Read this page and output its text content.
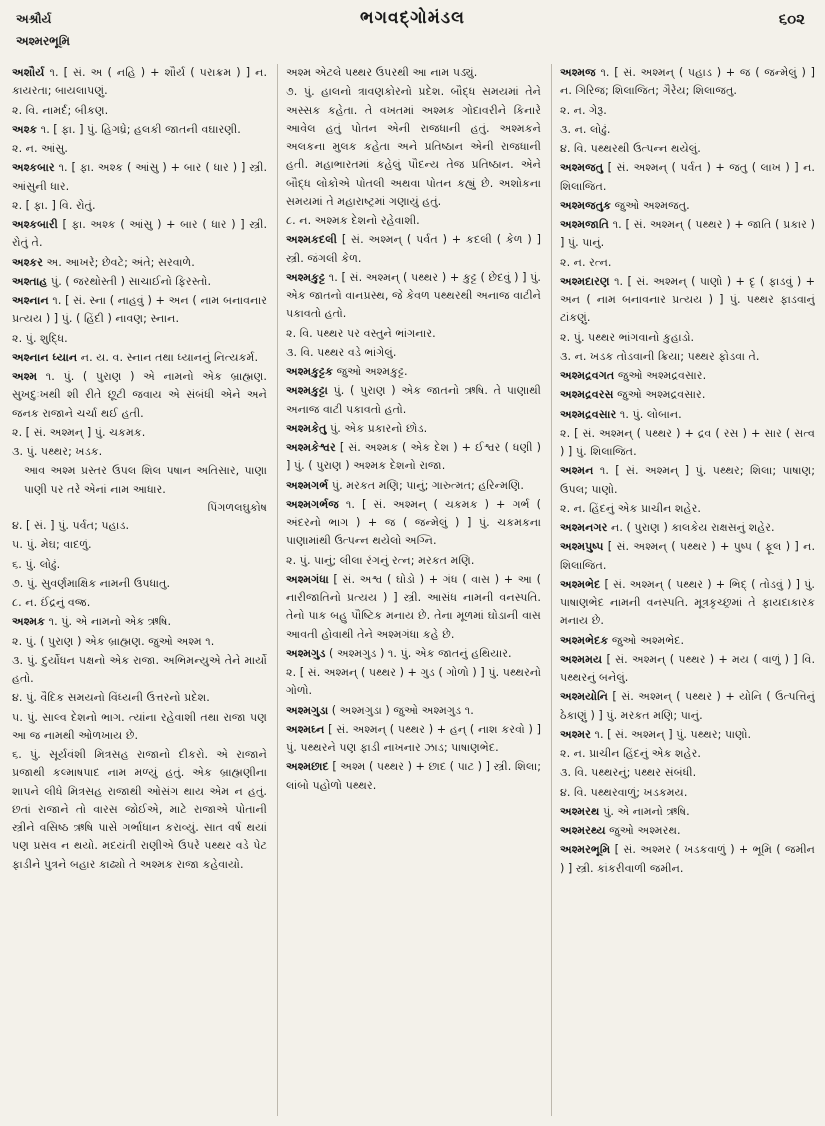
અશ્રૌર્ય
અશ્મરભૂમિ
ભગવદ્ગોમંડલ	૬૦૨

અશૌર્ય ૧. [ સં. અ ( નહિ ) + શૌર્ય ( પરાક્રમ ) ] ન. કાયરતા; બાયલાપણું.

૨. વિ. નામર્દ; બીકણ.

અશ્ક ૧. [ ફા. ] પું. હિગધ્રે; હલકી જાતની વઘારણી.

૨. ન. આંસુ.

અશ્કબાર ૧. [ ફા. અશ્ક ( આંસુ ) + બાર ( ધાર ) ] સ્ત્રી. આંસુની ધાર.

૨. [ ફા. ] વિ. રોતું.

અશ્કબારી [ ફા. અશ્ક ( આંસુ ) + બાર ( ધાર ) ] સ્ત્રી. રોતું તે.

અશ્કર અ. આખરે; છેવટે; અંતે; સરવાળે.

અશ્તાહ પું. ( જરથોસ્તી ) સાચાઈનો ફિરસ્તો.

અશ્નાન ૧. [ સં. સ્ના ( નાહવું ) + અન ( નામ બનાવનાર પ્રત્યય ) ] પું. ( હિંદી ) નાવણ; સ્નાન.

૨. પું. શુદ્ધિ.

અશ્નાન ધ્યાન ન. ય. વ. સ્નાન તથા ધ્યાનનું નિત્યકર્મ.

અશ્મ ૧. પું. ( પુરાણ ) એ નામનો એક બ્રાહ્મણ. સુખદુઃખથી શી રીતે છૂટી જવાય એ સંબંધી એને અને જનક રાજાને ચર્ચા થઈ હતી.

૨. [ સં. અશ્મન્ ] પું. ચકમક.

૩. પું. પથ્થર; ખડક.

આવ અશ્મ પ્રસ્તર ઉપલ શિલ પષાન અતિસાર, પાણા પાણી પર તરે એનાં નામ આધાર.

પિંગળલઘુકોષ

૪. [ સં. ] પું. પર્વત; પહાડ.

૫. પું. મેઘ; વાદળું.

૬. પું. લોઢું.

૭. પું. સુવર્ણમાક્ષિક નામની ઉપધાતુ.

૮. ન. ઈંદ્રનું વજ્ર.

અશ્મક ૧. પું. એ નામનો એક ઋષિ.

૨. પું. ( પુરાણ ) એક બ્રાહ્મણ. જુઓ અશ્મ ૧.

૩. પું. દુર્યોધન પક્ષનો એક રાજા. અભિમન્યુએ તેને માર્યો હતો.

૪. પું. વૈદિક સમયનો વિંધ્યની ઉત્તરનો પ્રદેશ.

૫. પું. સાલ્વ દેશનો ભાગ. ત્યાંના રહેવાશી તથા રાજા પણ આ જ નામથી ઓળખાય છે.

૬. પું. સૂર્યવંશી મિત્રસહ રાજાનો દીકરો. એ રાજાને પ્રજાથી કલ્માષપાદ નામ મળ્યું હતું. એક બ્રાહ્મણીના શાપને લીધે મિત્રસહ રાજાથી ઓસંગ થાય એમ ન હતું. છતાં રાજાને તો વારસ જોઈએ, માટે રાજાએ પોતાની સ્ત્રીને વસિષ્ઠ ઋષિ પાસે ગર્ભાધાન કરાવ્યું. સાત વર્ષ થયાં પણ પ્રસવ ન થયો. મદયંતી રાણીએ ઉપરે પથ્થર વડે પેટ ફાડીને પુત્રને બહાર કાઢ્યો તે અશ્મક રાજા કહેવાયો.

અશ્મ એટલે પથ્થર ઉપરથી આ નામ પડ્યું.

૭. પું. હાલનો ત્રાવણકોરનો પ્રદેશ. બૌદ્ધ સમયમાં તેને અસ્સક કહેતા. તે વખતમાં અશ્મક ગોદાવરીને કિનારે આવેલ હતું પોતન એની રાજધાની હતું. અશ્મકને અલકના મુલક કહેતા અને પ્રતિષ્ઠાન એની રાજધાની હતી. મહાભારતમાં કહેલું પૌદન્ય તેજ પ્રતિષ્ઠાન. એને બૌદ્ધ લોકોએ પોતલી અથવા પોતન કહ્યું છે. અશોકના સમયમાં તે મહારાષ્ટ્રમાં ગણાયું હતું.

૮. ન. અશ્મક દેશનો રહેવાશી.

અશ્મકદલી [ સં. અશ્મન્ ( પર્વત ) + કદલી ( કેળ ) ] સ્ત્રી. જંગલી કેળ.

અશ્મકુટ્ટ ૧. [ સં. અશ્મન્ ( પથ્થર ) + કુટ્ટ ( છેદવું ) ] પું. એક જાતનો વાનપ્રસ્થ, જે કેવળ પથ્થરથી અનાજ વાટીને પકાવતો હતો.

૨. વિ. પથ્થર પર વસ્તુને ભાંગનાર.

૩. વિ. પથ્થર વડે ભાંગેલું.

અશ્મકુટ્ટક જુઓ અશ્મકુટ્ટ.

અશ્મકુટ્ટા પું. ( પુરાણ ) એક જાતનો ઋષિ. તે પાણાથી અનાજ વાટી પકાવતો હતો.

અશ્મકેતુ પું. એક પ્રકારનો છોડ.

અશ્મકેશ્વર [ સં. અશ્મક ( એક દેશ ) + ઈશ્વર ( ધણી ) ] પું. ( પુરાણ ) અશ્મક દેશનો રાજા.

અશ્મગર્ભ પું. મરકત મણિ; પાનું; ગારુત્મત; હરિન્મણિ.

અશ્મગર્ભજ ૧. [ સં. અશ્મન્ ( ચકમક ) + ગર્ભ ( અંદરનો ભાગ ) + જ ( જન્મેલું ) ] પું. ચકમકના પાણામાંથી ઉત્પન્ન થયેલો અગ્નિ.

૨. પું. પાનું; લીલા રંગનું રત્ન; મરકત મણિ.

અશ્મગંધા [ સં. અશ્વ ( ઘોડો ) + ગંધ ( વાસ ) + આ ( નારીજાતિનો પ્રત્યય ) ] સ્ત્રી. આસંધ નામની વનસ્પતિ. તેનો પાક બહુ પૌષ્ટિક મનાય છે. તેના મૂળમાં ઘોડાની વાસ આવતી હોવાથી તેને અશ્મગંધા કહે છે.

અશ્મગુડ ( અશ્મગુડ ) ૧. પું. એક જાતનું હથિયાર.

૨. [ સં. અશ્મન્ ( પથ્થર ) + ગુડ ( ગોળો ) ] પું. પથ્થરનો ગોળો.

અશ્મગુડા ( અશ્મગુડા ) જુઓ અશ્મગુડ ૧.

અશ્મઘ્ન [ સં. અશ્મન્ ( પથ્થર ) + હન્ ( નાશ કરવો ) ] પું. પથ્થરને પણ ફાડી નાખનાર ઝાડ; પાષાણભેદ.

અશ્મછાદ [ અશ્મ ( પથ્થર ) + છાદ ( પાટ ) ] સ્ત્રી. શિલા; લાંબો પહોળો પથ્થર.

અશ્મજ ૧. [ સં. અશ્મન્ ( પહાડ ) + જ ( જન્મેલું ) ] ન. ગિરિજ; શિલાજિત; ગૈરેય; શિલાજતુ.

૨. ન. ગેરૂ.

૩. ન. લોઢું.

૪. વિ. પથ્થરથી ઉત્પન્ન થયેલું.

અશ્મજતુ [ સં. અશ્મન્ ( પર્વત ) + જતુ ( લાખ ) ] ન. શિલાજિત.

અશ્મજતુક જુઓ અશ્મજતુ.

અશ્મજાતિ ૧. [ સં. અશ્મન્ ( પથ્થર ) + જાતિ ( પ્રકાર ) ] પું. પાનું.

૨. ન. રત્ન.

અશ્મદારણ ૧. [ સં. અશ્મન્ ( પાણો ) + દૃ ( ફાડવું ) + અન ( નામ બનાવનાર પ્રત્યય ) ] પું. પથ્થર ફાડવાનું ટાંકણું.

૨. પું. પથ્થર ભાંગવાનો કુહાડો.

૩. ન. ખડક તોડવાની ક્રિયા; પથ્થર ફોડવા તે.

અશ્મદ્રવગત જુઓ અશ્મદ્રવસાર.

અશ્મદ્રવરસ જુઓ અશ્મદ્રવસાર.

અશ્મદ્રવસાર ૧. પું. લોબાન.

૨. [ સં. અશ્મન્ ( પથ્થર ) + દ્રવ ( રસ ) + સાર ( સત્વ ) ] પું. શિલાજિત.

અશ્મન ૧. [ સં. અશ્મન્ ] પું. પથ્થર; શિલા; પાષાણ; ઉપલ; પાણો.

૨. ન. હિંદનું એક પ્રાચીન શહેર.

અશ્મનગર ન. ( પુરાણ ) કાલકેય રાક્ષસનું શહેર.

અશ્મપુષ્પ [ સં. અશ્મન્ ( પથ્થર ) + પુષ્પ ( ફૂલ ) ] ન. શિલાજિત.

અશ્મભેદ [ સં. અશ્મન્ ( પથ્થર ) + ભિદ્ ( તોડવું ) ] પું. પાષાણભેદ નામની વનસ્પતિ. મૂત્રકૃચ્છ્રમાં તે ફાયદાકારક મનાય છે.

અશ્મભેદક જુઓ અશ્મભેદ.

અશ્મમય [ સં. અશ્મન્ ( પથ્થર ) + મય ( વાળું ) ] વિ. પથ્થરનું બનેલું.

અશ્મયોનિ [ સં. અશ્મન્ ( પથ્થર ) + યોનિ ( ઉત્પત્તિનું ઠેકાણું ) ] પું. મરકત મણિ; પાનું.

અશ્મર ૧. [ સં. અશ્મન્ ] પું. પથ્થર; પાણો.

૨. ન. પ્રાચીન હિંદનું એક શહેર.

૩. વિ. પથ્થરનું; પથ્થર સંબંધી.

૪. વિ. પથ્થરવાળું; ખડકમય.

અશ્મરથ પું. એ નામનો ઋષિ.

અશ્મરથ્ય જુઓ અશ્મરથ.

અશ્મરભૂમિ [ સં. અશ્મર ( ખડકવાળું ) + ભૂમિ ( જમીન ) ] સ્ત્રી. કાંકરીવાળી જમીન.
